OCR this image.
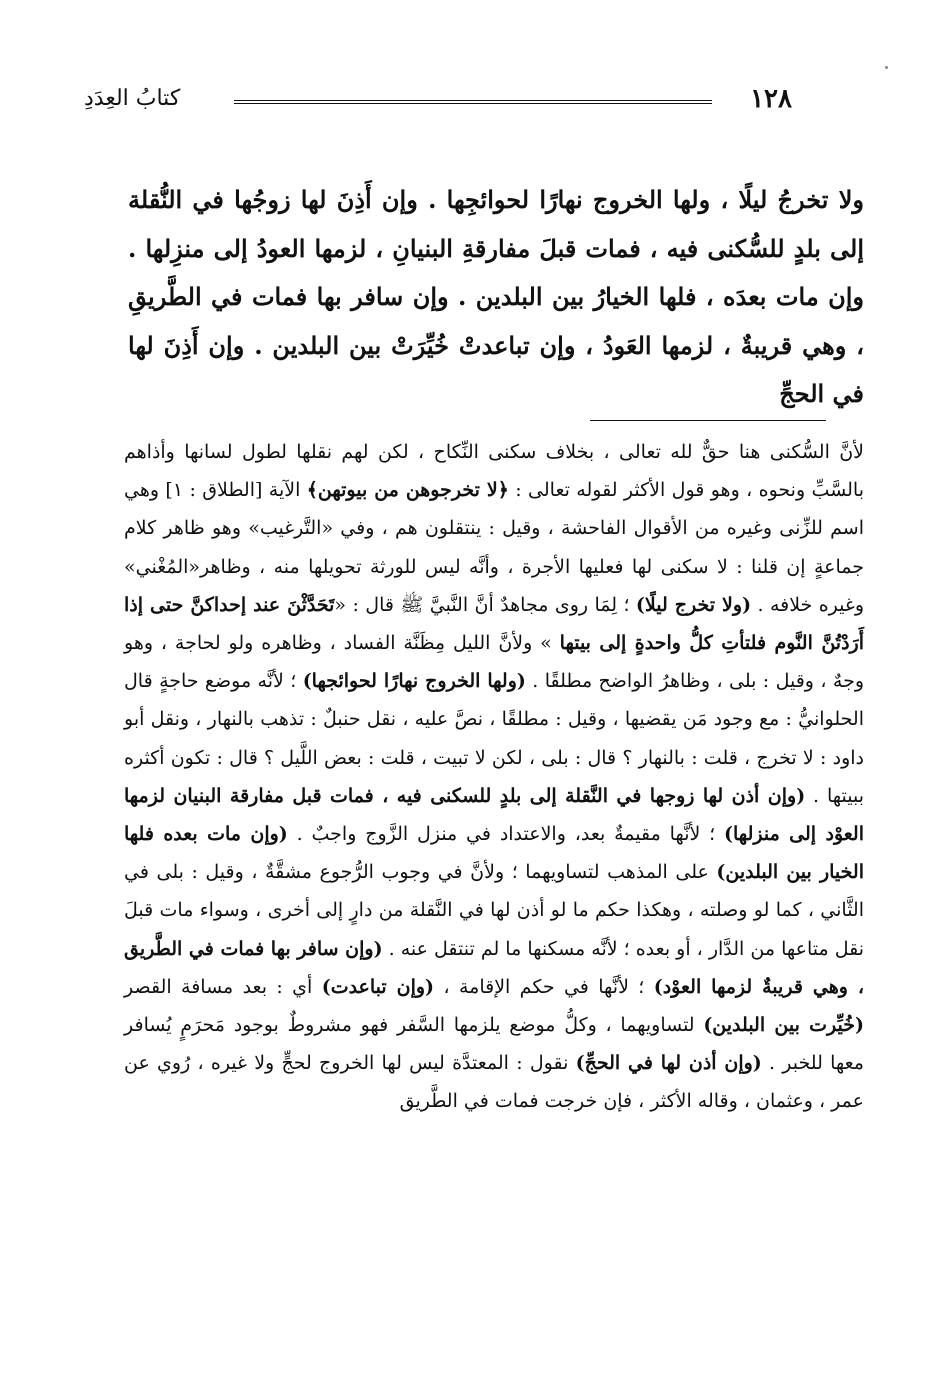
١٢٨
كتابُ العِدَدِ
ولا تخرجُ ليلًا ، ولها الخروج نهارًا لحوائجِها . وإن أَذِنَ لها زوجُها في النُّقلة إلى بلدٍ للسُّكنى فيه ، فمات قبلَ مفارقةِ البنيانِ ، لزمها العودُ إلى منزِلها . وإن مات بعدَه ، فلها الخيارُ بين البلدين . وإن سافر بها فمات في الطَّريقِ ، وهي قريبةٌ ، لزمها العَودُ ، وإن تباعدتْ خُيِّرَتْ بين البلدين . وإن أَذِنَ لها في الحجِّ
لأنَّ السُّكنى هنا حقٌّ لله تعالى ، بخلاف سكنى النِّكاح ، لكن لهم نقلها لطول لسانها وأذاهم بالسَّبِّ ونحوه ، وهو قول الأكثر لقوله تعالى : ﴿لا تخرجوهن من بيوتهن﴾ الآية [الطلاق : ١] وهي اسم للزِّنى وغيره من الأقوال الفاحشة ، وقيل : ينتقلون هم ، وفي «التَّرغيب» وهو ظاهر كلام جماعةٍ إن قلنا : لا سكنى لها فعليها الأجرة ، وأنَّه ليس للورثة تحويلها منه ، وظاهر«المُغْني» وغيره خلافه . (ولا تخرج ليلًا) ؛ لِمَا روى مجاهدٌ أنَّ النَّبيَّ ﷺ قال : «تَحَدَّثْنَ عند إحداكنَّ حتى إذا أَرَدْتُنَّ النَّوم فلتأتِ كلُّ واحدةٍ إلى بيتها » ولأنَّ الليل مِظَنَّة الفساد ، وظاهره ولو لحاجة ، وهو وجهٌ ، وقيل : بلى ، وظاهرُ الواضح مطلقًا . (ولها الخروج نهارًا لحوائجها) ؛ لأنَّه موضع حاجةٍ قال الحلوانيُّ : مع وجود مَن يقضيها ، وقيل : مطلقًا ، نصَّ عليه ، نقل حنبلٌ : تذهب بالنهار ، ونقل أبو داود : لا تخرج ، قلت : بالنهار ؟ قال : بلى ، لكن لا تبيت ، قلت : بعض اللَّيل ؟ قال : تكون أكثره ببيتها . (وإن أذن لها زوجها في النَّقلة إلى بلدٍ للسكنى فيه ، فمات قبل مفارقة البنيان لزمها العوْد إلى منزلها) ؛ لأنَّها مقيمةٌ بعد، والاعتداد في منزل الزَّوج واجبٌ . (وإن مات بعده فلها الخيار بين البلدين) على المذهب لتساويهما ؛ ولأنَّ في وجوب الرُّجوع مشقَّةٌ ، وقيل : بلى في الثَّاني ، كما لو وصلته ، وهكذا حكم ما لو أذن لها في النَّقلة من دارٍ إلى أخرى ، وسواء مات قبلَ نقل متاعها من الدَّار ، أو بعده ؛ لأنَّه مسكنها ما لم تنتقل عنه . (وإن سافر بها فمات في الطَّريق ، وهي قريبةٌ لزمها العوْد) ؛ لأنَّها في حكم الإقامة ، (وإن تباعدت) أي : بعد مسافة القصر (خُيِّرت بين البلدين) لتساويهما ، وكلُّ موضع يلزمها السَّفر فهو مشروطٌ بوجود مَحرَمٍ يُسافر معها للخبر . (وإن أذن لها في الحجِّ) نقول : المعتدَّة ليس لها الخروج لحجٍّ ولا غيره ، رُوي عن عمر ، وعثمان ، وقاله الأكثر ، فإن خرجت فمات في الطَّريق
